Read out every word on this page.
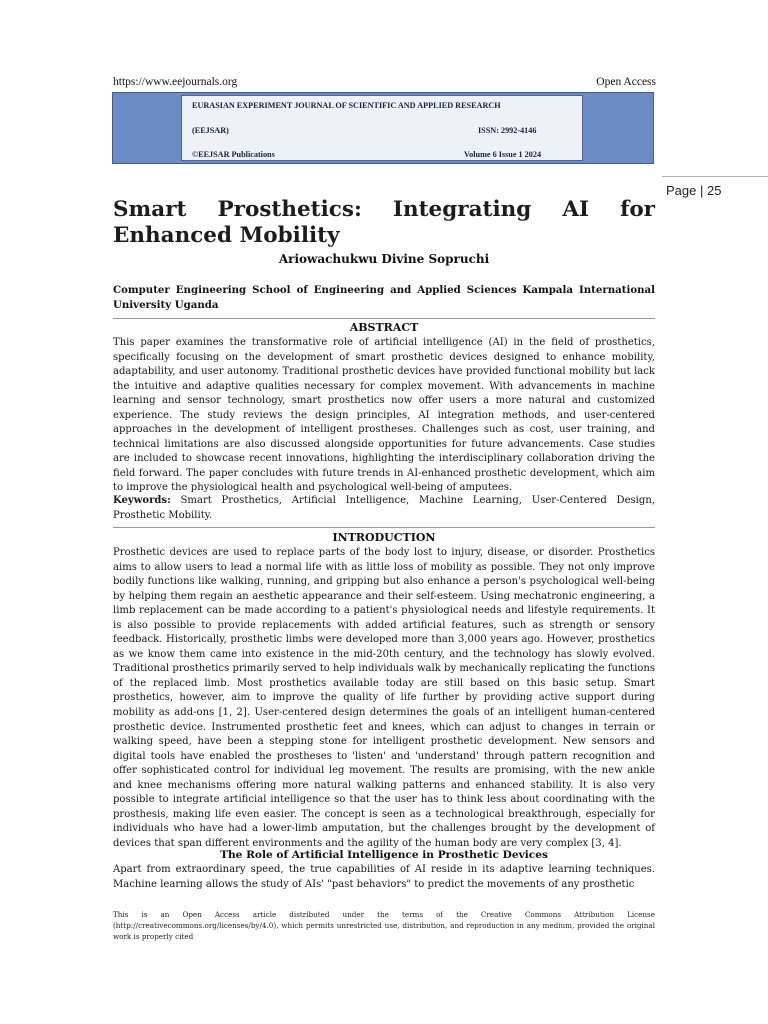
https://www.eejournals.org	Open Access
EURASIAN EXPERIMENT JOURNAL OF SCIENTIFIC AND APPLIED RESEARCH
(EEJSAR)	ISSN: 2992-4146
©EEJSAR Publications	Volume 6 Issue 1 2024
Page | 25
Smart Prosthetics: Integrating AI for Enhanced Mobility
Ariowachukwu Divine Sopruchi
Computer Engineering School of Engineering and Applied Sciences Kampala International University Uganda
ABSTRACT

This paper examines the transformative role of artificial intelligence (AI) in the field of prosthetics, specifically focusing on the development of smart prosthetic devices designed to enhance mobility, adaptability, and user autonomy. Traditional prosthetic devices have provided functional mobility but lack the intuitive and adaptive qualities necessary for complex movement. With advancements in machine learning and sensor technology, smart prosthetics now offer users a more natural and customized experience. The study reviews the design principles, AI integration methods, and user-centered approaches in the development of intelligent prostheses. Challenges such as cost, user training, and technical limitations are also discussed alongside opportunities for future advancements. Case studies are included to showcase recent innovations, highlighting the interdisciplinary collaboration driving the field forward. The paper concludes with future trends in AI-enhanced prosthetic development, which aim to improve the physiological health and psychological well-being of amputees.

Keywords: Smart Prosthetics, Artificial Intelligence, Machine Learning, User-Centered Design, Prosthetic Mobility.

INTRODUCTION

Prosthetic devices are used to replace parts of the body lost to injury, disease, or disorder. Prosthetics aims to allow users to lead a normal life with as little loss of mobility as possible. They not only improve bodily functions like walking, running, and gripping but also enhance a person's psychological well-being by helping them regain an aesthetic appearance and their self-esteem. Using mechatronic engineering, a limb replacement can be made according to a patient's physiological needs and lifestyle requirements. It is also possible to provide replacements with added artificial features, such as strength or sensory feedback. Historically, prosthetic limbs were developed more than 3,000 years ago. However, prosthetics as we know them came into existence in the mid-20th century, and the technology has slowly evolved. Traditional prosthetics primarily served to help individuals walk by mechanically replicating the functions of the replaced limb. Most prosthetics available today are still based on this basic setup. Smart prosthetics, however, aim to improve the quality of life further by providing active support during mobility as add-ons [1, 2]. User-centered design determines the goals of an intelligent human-centered prosthetic device. Instrumented prosthetic feet and knees, which can adjust to changes in terrain or walking speed, have been a stepping stone for intelligent prosthetic development. New sensors and digital tools have enabled the prostheses to 'listen' and 'understand' through pattern recognition and offer sophisticated control for individual leg movement. The results are promising, with the new ankle and knee mechanisms offering more natural walking patterns and enhanced stability. It is also very possible to integrate artificial intelligence so that the user has to think less about coordinating with the prosthesis, making life even easier. The concept is seen as a technological breakthrough, especially for individuals who have had a lower-limb amputation, but the challenges brought by the development of devices that span different environments and the agility of the human body are very complex [3, 4].

The Role of Artificial Intelligence in Prosthetic Devices

Apart from extraordinary speed, the true capabilities of AI reside in its adaptive learning techniques. Machine learning allows the study of AIs' "past behaviors" to predict the movements of any prosthetic

This is an Open Access article distributed under the terms of the Creative Commons Attribution License (http://creativecommons.org/licenses/by/4.0), which permits unrestricted use, distribution, and reproduction in any medium, provided the original work is properly cited
